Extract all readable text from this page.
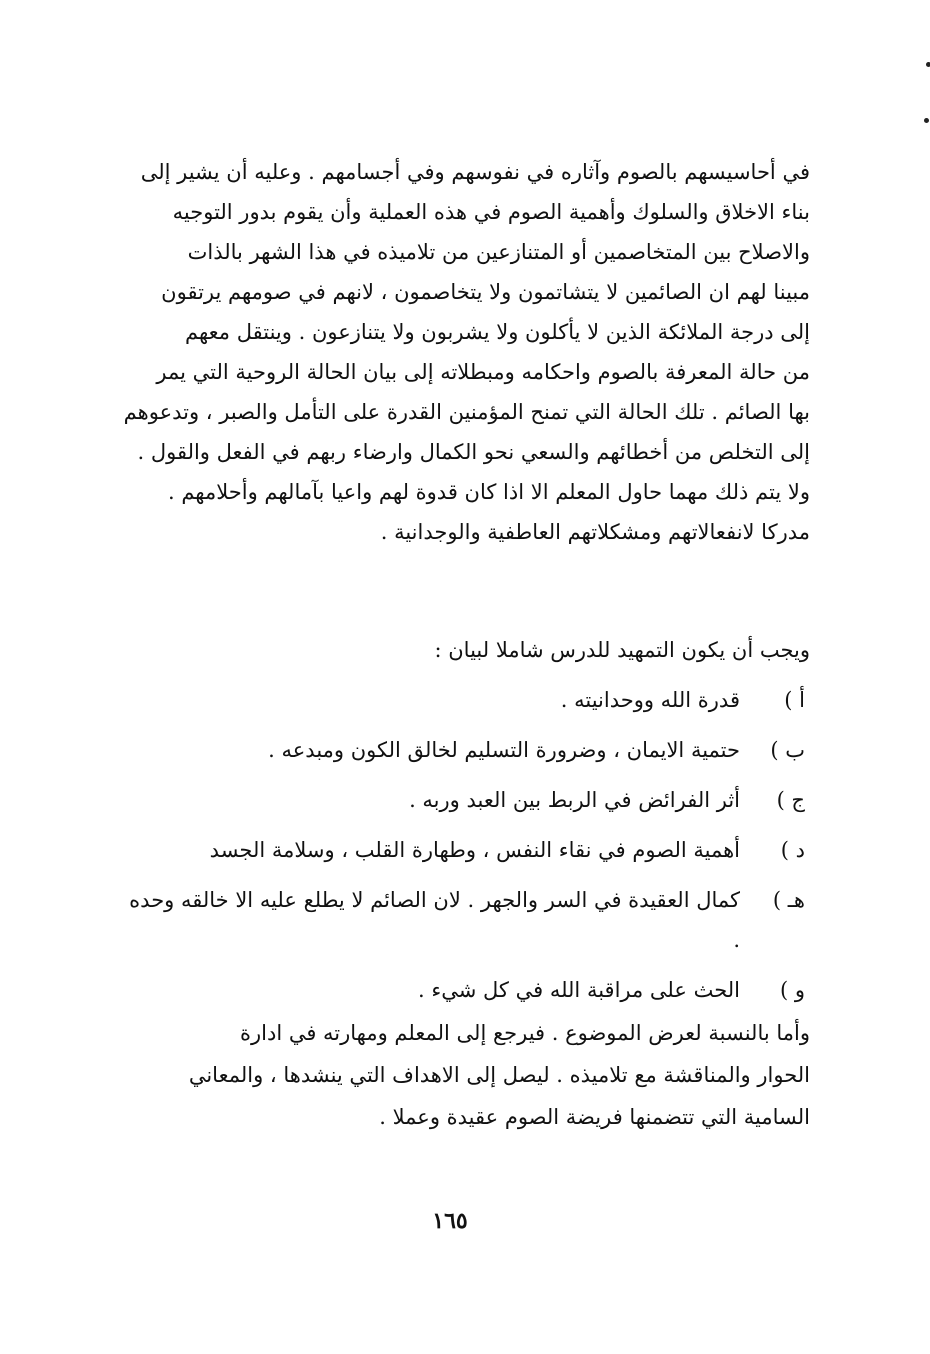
في أحاسيسهم بالصوم وآثاره في نفوسهم وفي أجسامهم . وعليه أن يشير إلى
بناء الاخلاق والسلوك وأهمية الصوم في هذه العملية وأن يقوم بدور التوجيه
والاصلاح بين المتخاصمين أو المتنازعين من تلاميذه في هذا الشهر بالذات
مبينا لهم ان الصائمين لا يتشاتمون ولا يتخاصمون ، لانهم في صومهم يرتقون
إلى درجة الملائكة الذين لا يأكلون ولا يشربون ولا يتنازعون . وينتقل معهم
من حالة المعرفة بالصوم واحكامه ومبطلاته إلى بيان الحالة الروحية التي يمر
بها الصائم . تلك الحالة التي تمنح المؤمنين القدرة على التأمل والصبر ، وتدعوهم
إلى التخلص من أخطائهم والسعي نحو الكمال وارضاء ربهم في الفعل والقول .
ولا يتم ذلك مهما حاول المعلم الا اذا كان قدوة لهم واعيا بآمالهم وأحلامهم .
مدركا لانفعالاتهم ومشكلاتهم العاطفية والوجدانية .
ويجب أن يكون التمهيد للدرس شاملا لبيان :
أ )
قدرة الله ووحدانيته .
ب )
حتمية الايمان ، وضرورة التسليم لخالق الكون ومبدعه .
ج )
أثر الفرائض في الربط بين العبد وربه .
د )
أهمية الصوم في نقاء النفس ، وطهارة القلب ، وسلامة الجسد
هـ )
كمال العقيدة في السر والجهر . لان الصائم لا يطلع عليه الا خالقه وحده .
و )
الحث على مراقبة الله في كل شيء .
وأما بالنسبة لعرض الموضوع . فيرجع إلى المعلم ومهارته في ادارة
الحوار والمناقشة مع تلاميذه . ليصل إلى الاهداف التي ينشدها ، والمعاني
السامية التي تتضمنها فريضة الصوم عقيدة وعملا .
١٦٥
